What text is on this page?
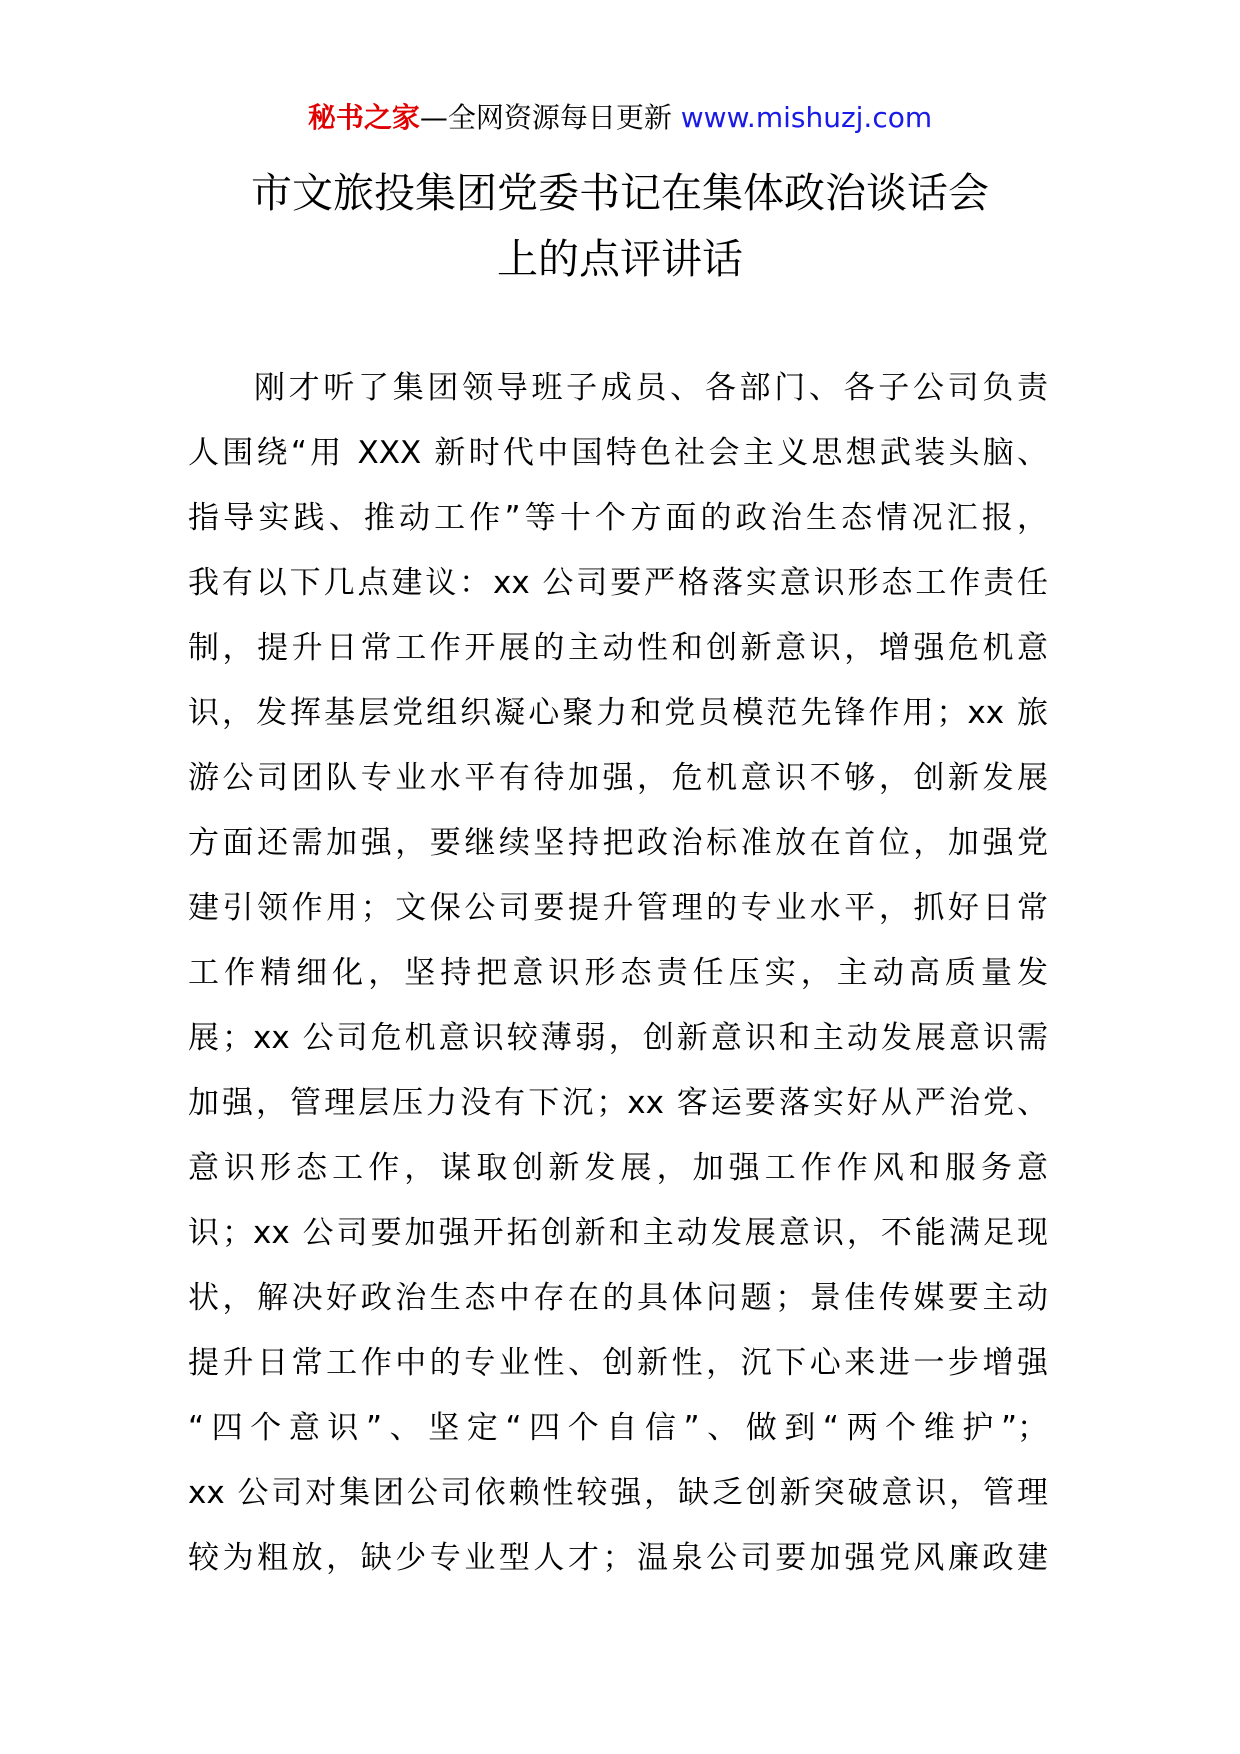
秘书之家—全网资源每日更新 www.mishuzj.com
市文旅投集团党委书记在集体政治谈话会
上的点评讲话
刚才听了集团领导班子成员、各部门、各子公司负责
人围绕“用 XXX 新时代中国特色社会主义思想武装头脑、
指导实践、推动工作”等十个方面的政治生态情况汇报，
我有以下几点建议：xx 公司要严格落实意识形态工作责任
制，提升日常工作开展的主动性和创新意识，增强危机意
识，发挥基层党组织凝心聚力和党员模范先锋作用；xx 旅
游公司团队专业水平有待加强，危机意识不够，创新发展
方面还需加强，要继续坚持把政治标准放在首位，加强党
建引领作用；文保公司要提升管理的专业水平，抓好日常
工作精细化，坚持把意识形态责任压实，主动高质量发
展；xx 公司危机意识较薄弱，创新意识和主动发展意识需
加强，管理层压力没有下沉；xx 客运要落实好从严治党、
意识形态工作，谋取创新发展，加强工作作风和服务意
识；xx 公司要加强开拓创新和主动发展意识，不能满足现
状，解决好政治生态中存在的具体问题；景佳传媒要主动
提升日常工作中的专业性、创新性，沉下心来进一步增强
“四个意识”、坚定“四个自信”、做到“两个维护”；
xx 公司对集团公司依赖性较强，缺乏创新突破意识，管理
较为粗放，缺少专业型人才；温泉公司要加强党风廉政建
